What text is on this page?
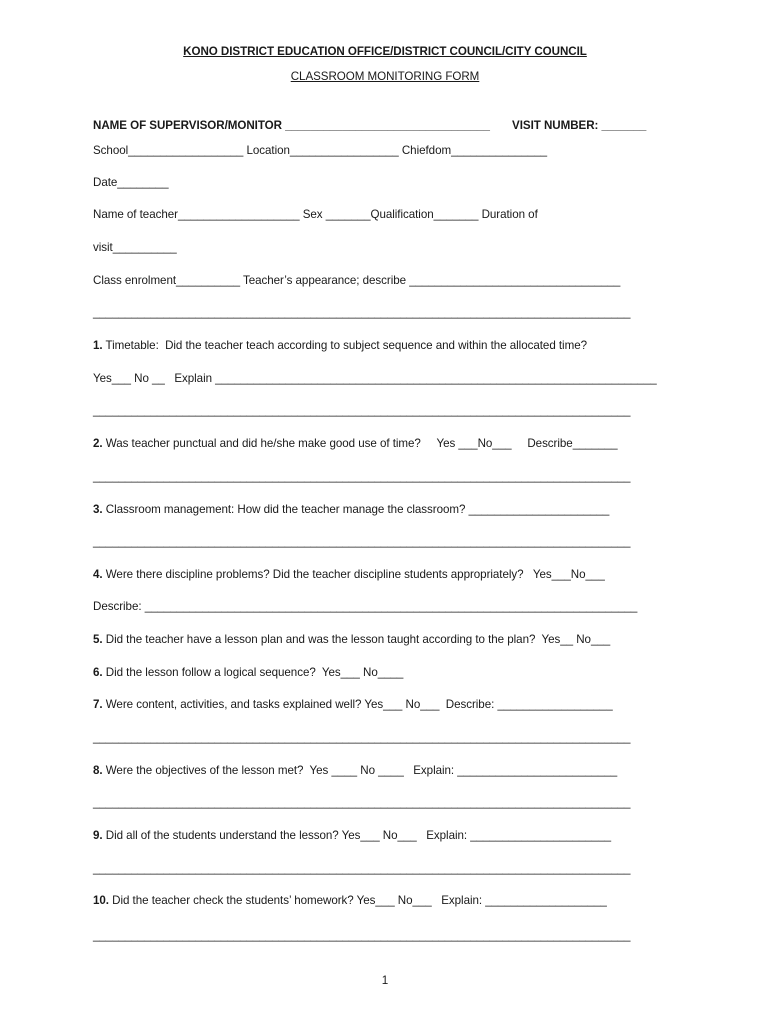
KONO DISTRICT EDUCATION OFFICE/DISTRICT COUNCIL/CITY COUNCIL
CLASSROOM MONITORING FORM
NAME OF SUPERVISOR/MONITOR ________________________________       VISIT NUMBER: _______
School__________________ Location_________________ Chiefdom_______________
Date________
Name of teacher___________________ Sex _______Qualification_______ Duration of
visit__________
Class enrolment__________ Teacher’s appearance; describe _________________________________
____________________________________________________________________________________
1. Timetable:  Did the teacher teach according to subject sequence and within the allocated time?
Yes___ No __   Explain _____________________________________________________________________
____________________________________________________________________________________
2. Was teacher punctual and did he/she make good use of time?     Yes ___No___     Describe_______
____________________________________________________________________________________
3. Classroom management: How did the teacher manage the classroom? ______________________
____________________________________________________________________________________
4. Were there discipline problems? Did the teacher discipline students appropriately?   Yes___No___
Describe: _____________________________________________________________________________
5. Did the teacher have a lesson plan and was the lesson taught according to the plan?  Yes__ No___
6. Did the lesson follow a logical sequence?  Yes___ No____
7. Were content, activities, and tasks explained well? Yes___ No___  Describe: __________________
____________________________________________________________________________________
8. Were the objectives of the lesson met?  Yes ____ No ____   Explain: _________________________
____________________________________________________________________________________
9. Did all of the students understand the lesson? Yes___ No___   Explain: ______________________
____________________________________________________________________________________
10. Did the teacher check the students’ homework? Yes___ No___   Explain: ___________________
____________________________________________________________________________________
1
